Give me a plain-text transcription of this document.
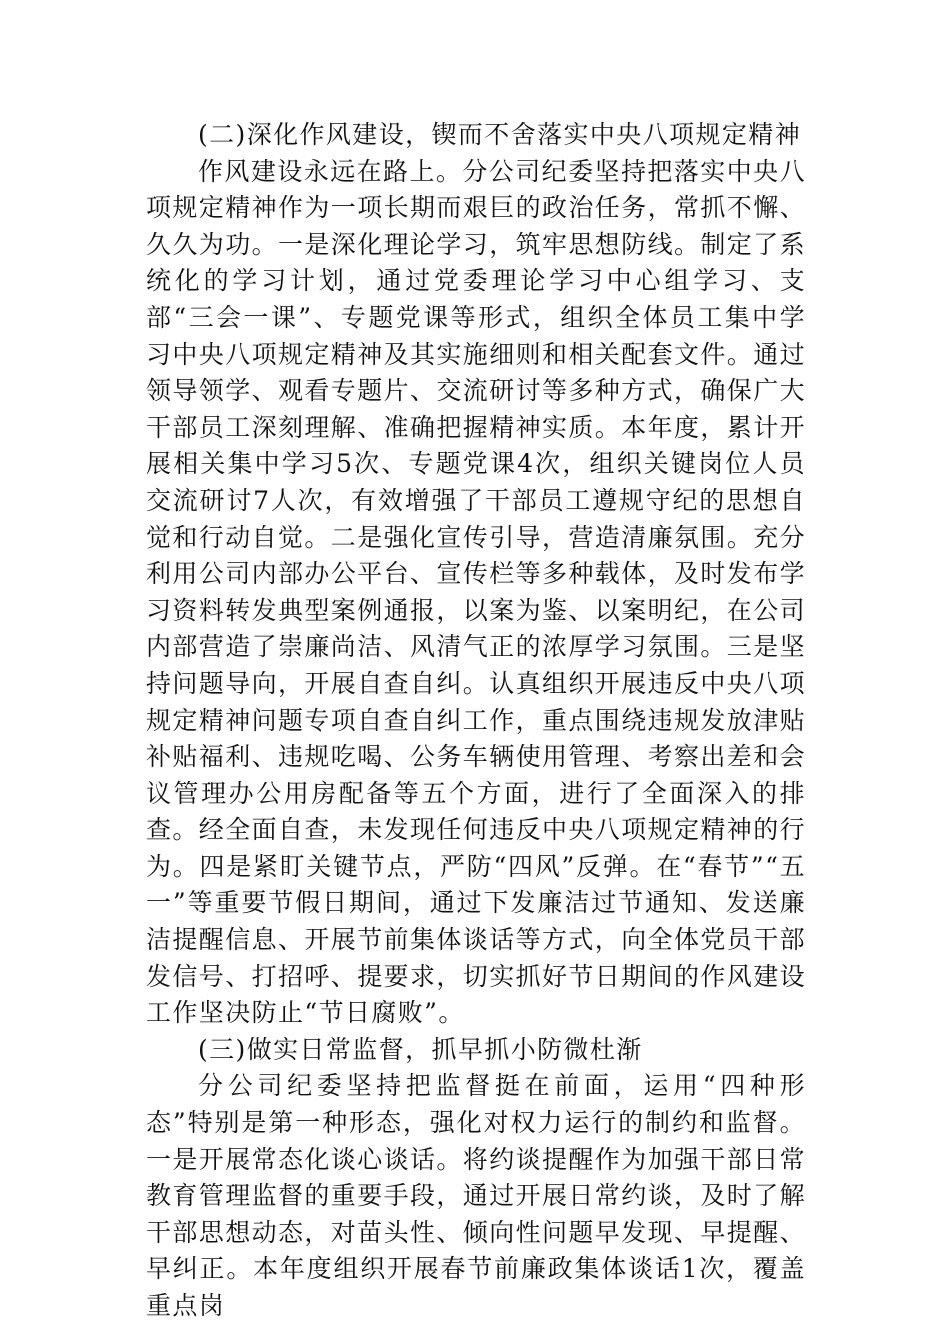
(二)深化作风建设，锲而不舍落实中央八项规定精神

作风建设永远在路上。分公司纪委坚持把落实中央八项规定精神作为一项长期而艰巨的政治任务，常抓不懈、久久为功。一是深化理论学习，筑牢思想防线。制定了系统化的学习计划，通过党委理论学习中心组学习、支部“三会一课”、专题党课等形式，组织全体员工集中学习中央八项规定精神及其实施细则和相关配套文件。通过领导领学、观看专题片、交流研讨等多种方式，确保广大干部员工深刻理解、准确把握精神实质。本年度，累计开展相关集中学习5次、专题党课4次，组织关键岗位人员交流研讨7人次，有效增强了干部员工遵规守纪的思想自觉和行动自觉。二是强化宣传引导，营造清廉氛围。充分利用公司内部办公平台、宣传栏等多种载体，及时发布学习资料转发典型案例通报，以案为鉴、以案明纪，在公司内部营造了崇廉尚洁、风清气正的浓厚学习氛围。三是坚持问题导向，开展自查自纠。认真组织开展违反中央八项规定精神问题专项自查自纠工作，重点围绕违规发放津贴补贴福利、违规吃喝、公务车辆使用管理、考察出差和会议管理办公用房配备等五个方面，进行了全面深入的排查。经全面自查，未发现任何违反中央八项规定精神的行为。四是紧盯关键节点，严防“四风”反弹。在“春节”“五一”等重要节假日期间，通过下发廉洁过节通知、发送廉洁提醒信息、开展节前集体谈话等方式，向全体党员干部发信号、打招呼、提要求，切实抓好节日期间的作风建设工作坚决防止“节日腐败”。

(三)做实日常监督，抓早抓小防微杜渐

分公司纪委坚持把监督挺在前面，运用“四种形态”特别是第一种形态，强化对权力运行的制约和监督。一是开展常态化谈心谈话。将约谈提醒作为加强干部日常教育管理监督的重要手段，通过开展日常约谈，及时了解干部思想动态，对苗头性、倾向性问题早发现、早提醒、早纠正。本年度组织开展春节前廉政集体谈话1次，覆盖重点岗
